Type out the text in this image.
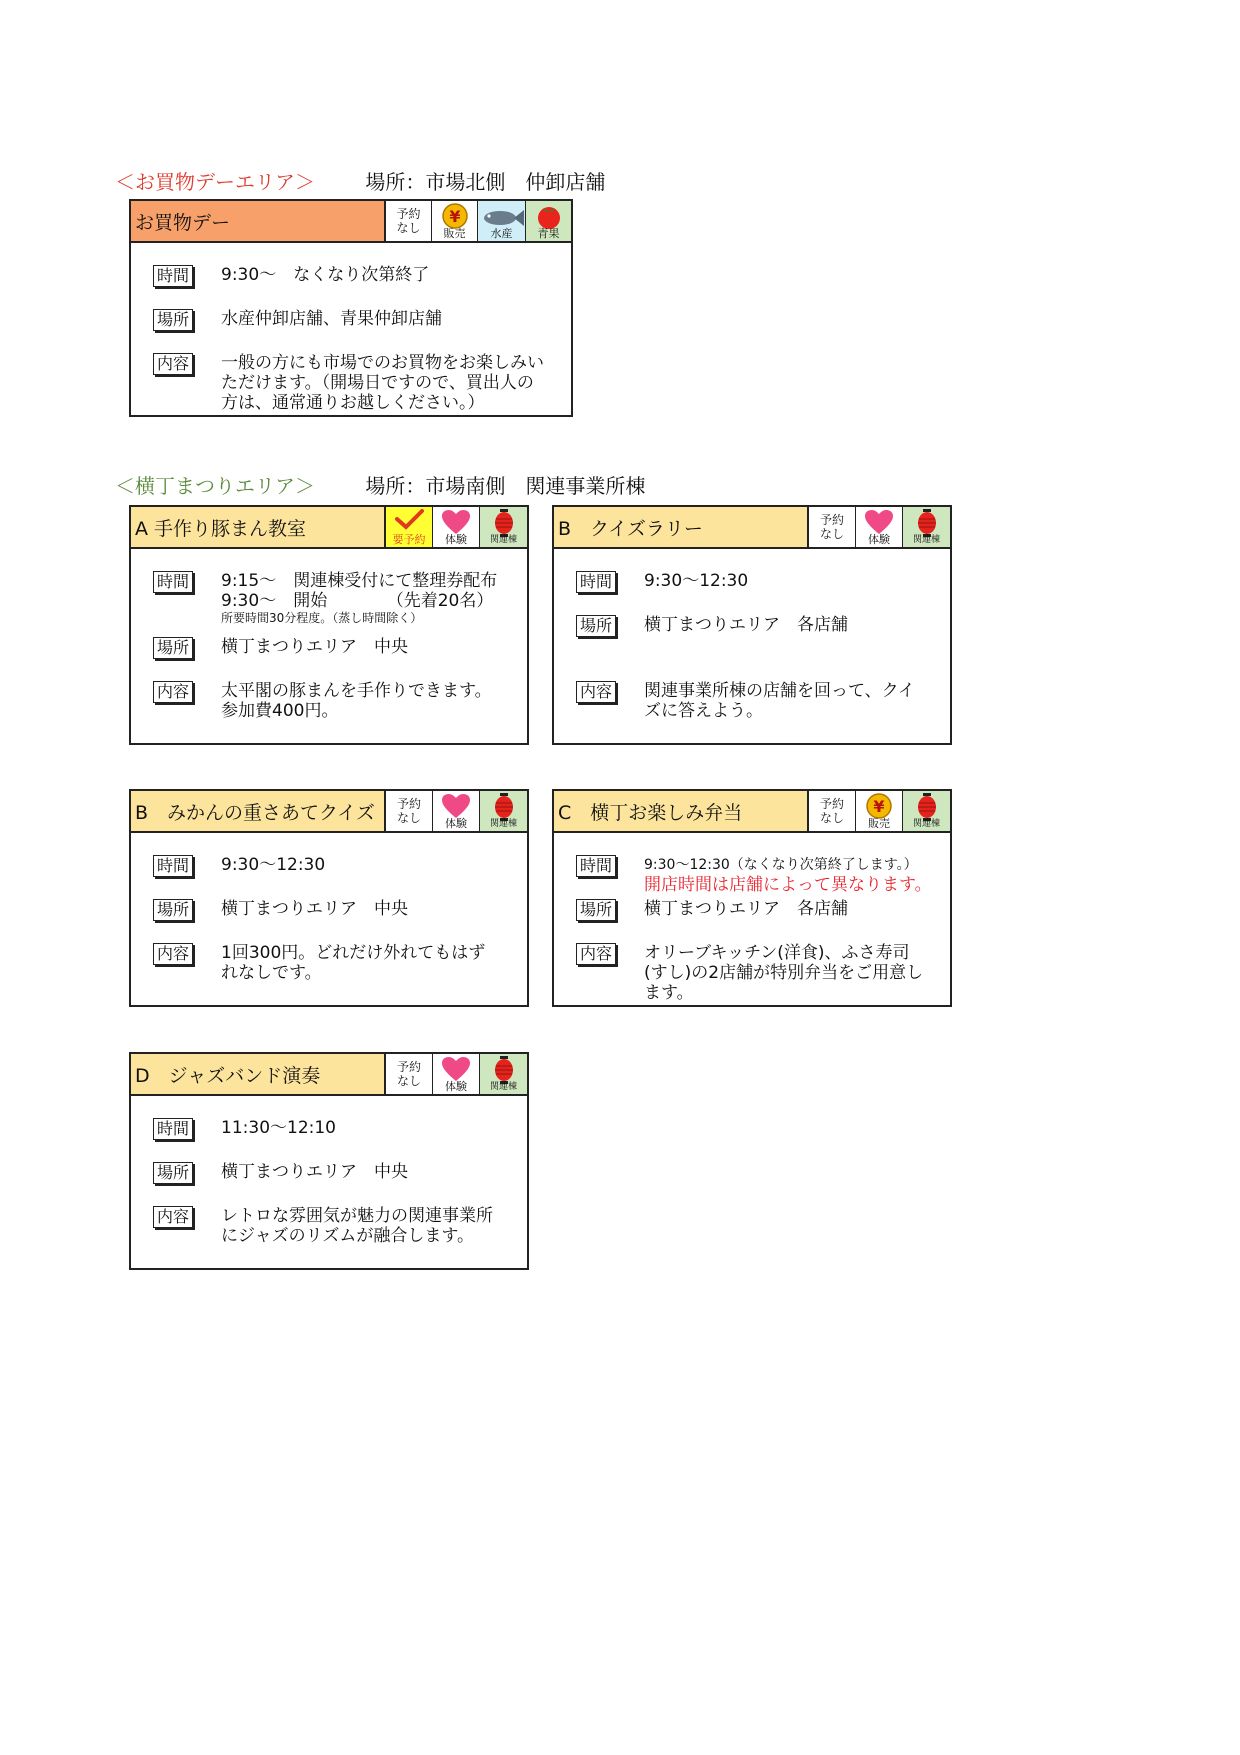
＜お買物デーエリア＞	場所：市場北側　仲卸店舗
お買物デー	予約
なし
¥
販売 水産 青果
時間 9:30～　なくなり次第終了
場所 水産仲卸店舗、青果仲卸店舗
内容 一般の方にも市場でのお買物をお楽しみい
ただけます。（開場日ですので、買出人の
方は、通常通りお越しください。）
＜横丁まつりエリア＞	場所：市場南側　関連事業所棟
A 手作り豚まん教室	要予約 体験	関連棟
時間 9:15～　関連棟受付にて整理券配布
9:30～　開始　　　　（先着20名）
所要時間30分程度。（蒸し時間除く）
場所 横丁まつりエリア　中央
内容 太平閣の豚まんを手作りできます。
参加費400円。
B　クイズラリー	予約
なし 体験	関連棟
時間 9:30～12:30
場所 横丁まつりエリア　各店舗
内容 関連事業所棟の店舗を回って、クイ
ズに答えよう。
B　みかんの重さあてクイズ	予約
なし 体験	関連棟
時間 9:30～12:30
場所 横丁まつりエリア　中央
内容 1回300円。どれだけ外れてもはず
れなしです。
C　横丁お楽しみ弁当	予約
なし
¥
販売	関連棟
時間 9:30～12:30（なくなり次第終了します。）
開店時間は店舗によって異なります。
場所 横丁まつりエリア　各店舗
内容 オリーブキッチン(洋食)、ふさ寿司
(すし)の2店舗が特別弁当をご用意し
ます。
D　ジャズバンド演奏	予約
なし 体験	関連棟
時間 11:30～12:10
場所 横丁まつりエリア　中央
内容 レトロな雰囲気が魅力の関連事業所
にジャズのリズムが融合します。
